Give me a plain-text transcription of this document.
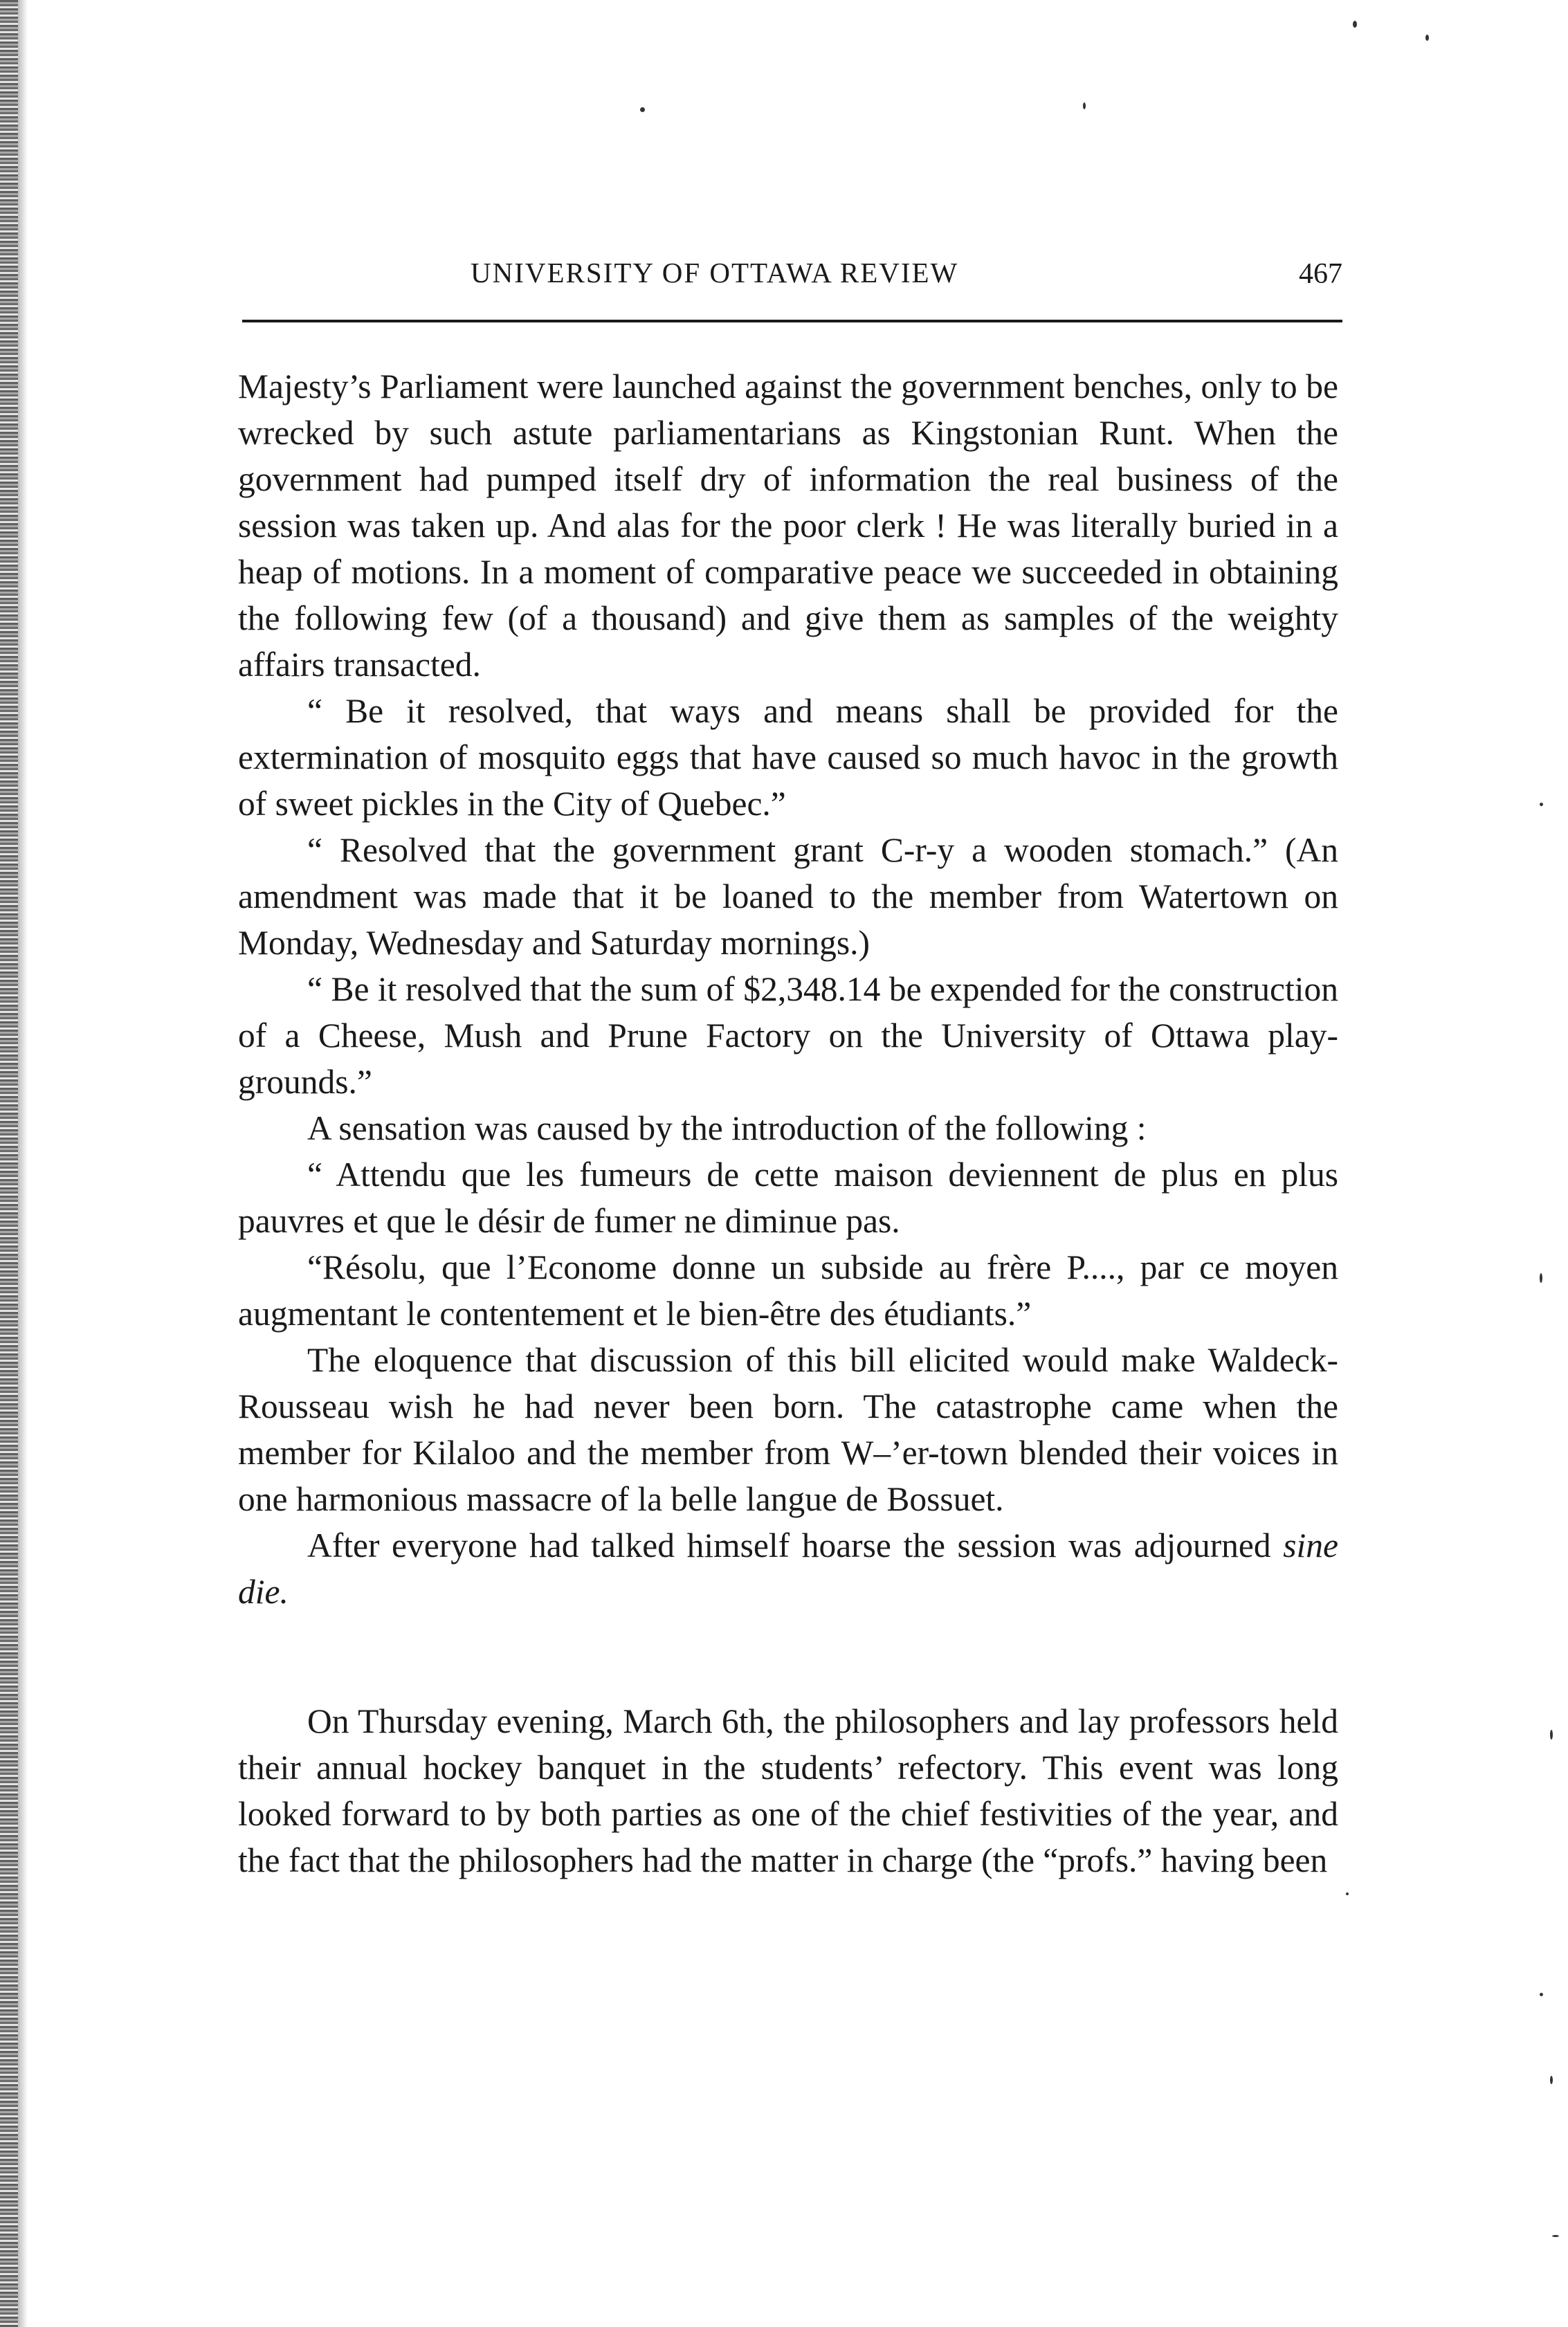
UNIVERSITY OF OTTAWA REVIEW	467

Majesty’s Parliament were launched against the government benches, only to be wrecked by such astute parliamentarians as Kingstonian Runt. When the government had pumped itself dry of information the real business of the session was taken up. And alas for the poor clerk ! He was literally buried in a heap of motions. In a moment of comparative peace we succeeded in obtaining the following few (of a thousand) and give them as samples of the weighty affairs transacted.

“ Be it resolved, that ways and means shall be provided for the extermination of mosquito eggs that have caused so much havoc in the growth of sweet pickles in the City of Quebec.”

“ Resolved that the government grant C-r-y a wooden stomach.” (An amendment was made that it be loaned to the member from Watertown on Monday, Wednesday and Saturday mornings.)

“ Be it resolved that the sum of $2,348.14 be expended for the construction of a Cheese, Mush and Prune Factory on the University of Ottawa play-grounds.”

A sensation was caused by the introduction of the following :

“ Attendu que les fumeurs de cette maison deviennent de plus en plus pauvres et que le désir de fumer ne diminue pas.

“Résolu, que l’Econome donne un subside au frère P...., par ce moyen augmentant le contentement et le bien-être des étudiants.”

The eloquence that discussion of this bill elicited would make Waldeck-Rousseau wish he had never been born. The catastrophe came when the member for Kilaloo and the member from W–’er-town blended their voices in one harmonious massacre of la belle langue de Bossuet.

After everyone had talked himself hoarse the session was adjourned sine die.

On Thursday evening, March 6th, the philosophers and lay professors held their annual hockey banquet in the students’ refectory. This event was long looked forward to by both parties as one of the chief festivities of the year, and the fact that the philosophers had the matter in charge (the “profs.” having been
